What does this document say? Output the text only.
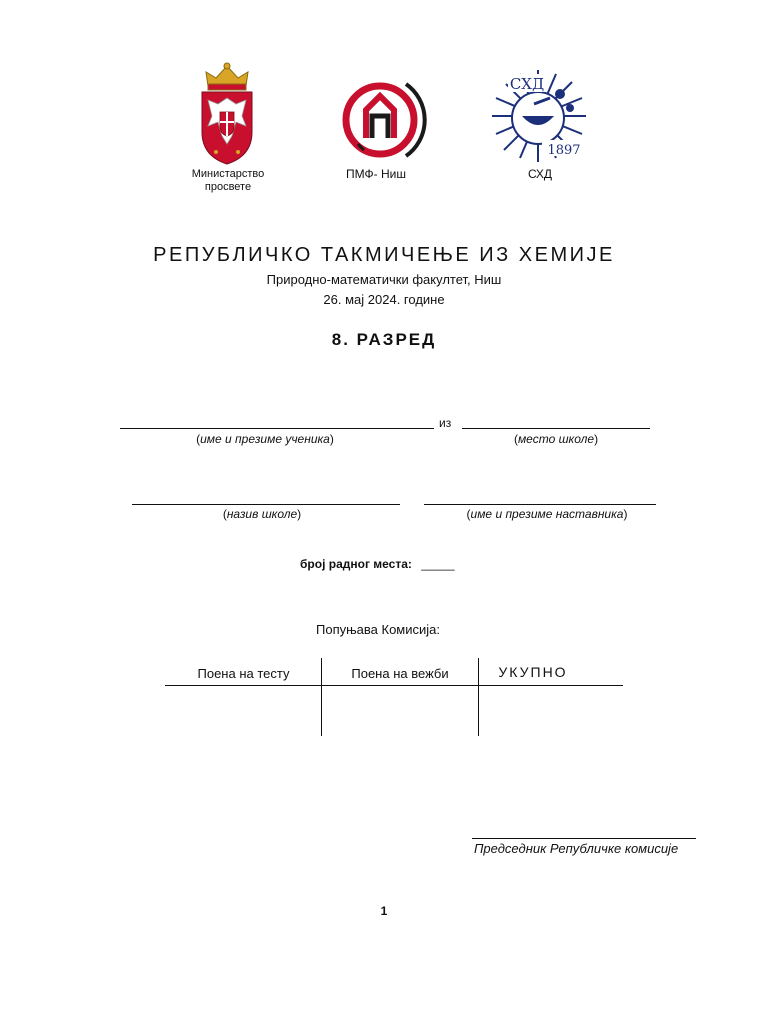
Министарство
просвете
ПМФ- Ниш
СХД
1897
СХД
РЕПУБЛИЧКО ТАКМИЧЕЊЕ ИЗ ХЕМИЈЕ
Природно-математички факултет, Ниш
26. мај 2024. године
8. РАЗРЕД
из
(име и презиме ученика)	(место школе)
(назив школе)	(име и презиме наставника)
број радног места: _____
Попуњава Комисија:
Поена на тесту	Поена на вежби	УКУПНО
Председник Републичке комисије
1
